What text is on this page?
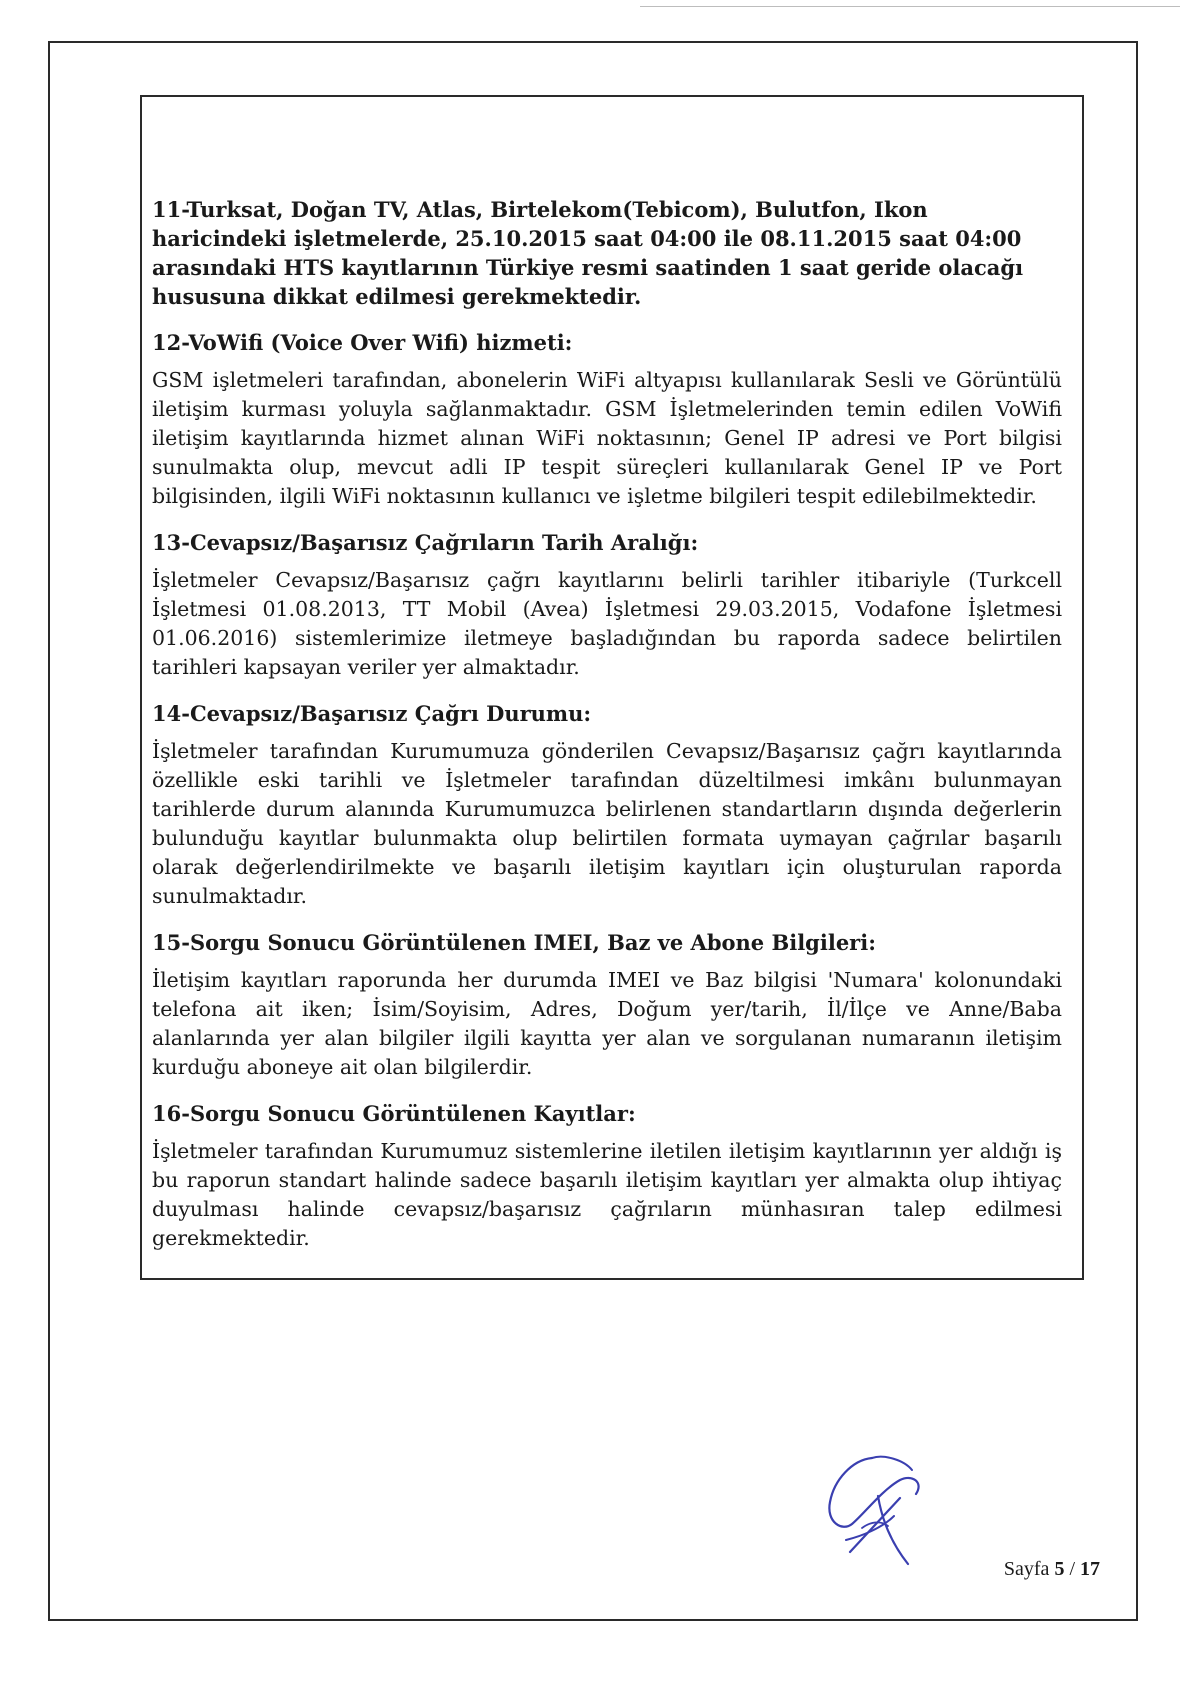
11-Turksat, Doğan TV, Atlas, Birtelekom(Tebicom), Bulutfon, Ikon haricindeki işletmelerde, 25.10.2015 saat 04:00 ile 08.11.2015 saat 04:00 arasındaki HTS kayıtlarının Türkiye resmi saatinden 1 saat geride olacağı hususuna dikkat edilmesi gerekmektedir.

12-VoWifi (Voice Over Wifi) hizmeti:

GSM işletmeleri tarafından, abonelerin WiFi altyapısı kullanılarak Sesli ve Görüntülü iletişim kurması yoluyla sağlanmaktadır. GSM İşletmelerinden temin edilen VoWifi iletişim kayıtlarında hizmet alınan WiFi noktasının; Genel IP adresi ve Port bilgisi sunulmakta olup, mevcut adli IP tespit süreçleri kullanılarak Genel IP ve Port bilgisinden, ilgili WiFi noktasının kullanıcı ve işletme bilgileri tespit edilebilmektedir.

13-Cevapsız/Başarısız Çağrıların Tarih Aralığı:

İşletmeler Cevapsız/Başarısız çağrı kayıtlarını belirli tarihler itibariyle (Turkcell İşletmesi 01.08.2013, TT Mobil (Avea) İşletmesi 29.03.2015, Vodafone İşletmesi 01.06.2016) sistemlerimize iletmeye başladığından bu raporda sadece belirtilen tarihleri kapsayan veriler yer almaktadır.

14-Cevapsız/Başarısız Çağrı Durumu:

İşletmeler tarafından Kurumumuza gönderilen Cevapsız/Başarısız çağrı kayıtlarında özellikle eski tarihli ve İşletmeler tarafından düzeltilmesi imkânı bulunmayan tarihlerde durum alanında Kurumumuzca belirlenen standartların dışında değerlerin bulunduğu kayıtlar bulunmakta olup belirtilen formata uymayan çağrılar başarılı olarak değerlendirilmekte ve başarılı iletişim kayıtları için oluşturulan raporda sunulmaktadır.

15-Sorgu Sonucu Görüntülenen IMEI, Baz ve Abone Bilgileri:

İletişim kayıtları raporunda her durumda IMEI ve Baz bilgisi 'Numara' kolonundaki telefona ait iken; İsim/Soyisim, Adres, Doğum yer/tarih, İl/İlçe ve Anne/Baba alanlarında yer alan bilgiler ilgili kayıtta yer alan ve sorgulanan numaranın iletişim kurduğu aboneye ait olan bilgilerdir.

16-Sorgu Sonucu Görüntülenen Kayıtlar:

İşletmeler tarafından Kurumumuz sistemlerine iletilen iletişim kayıtlarının yer aldığı iş bu raporun standart halinde sadece başarılı iletişim kayıtları yer almakta olup ihtiyaç duyulması halinde cevapsız/başarısız çağrıların münhasıran talep edilmesi gerekmektedir.

Sayfa 5 / 17
